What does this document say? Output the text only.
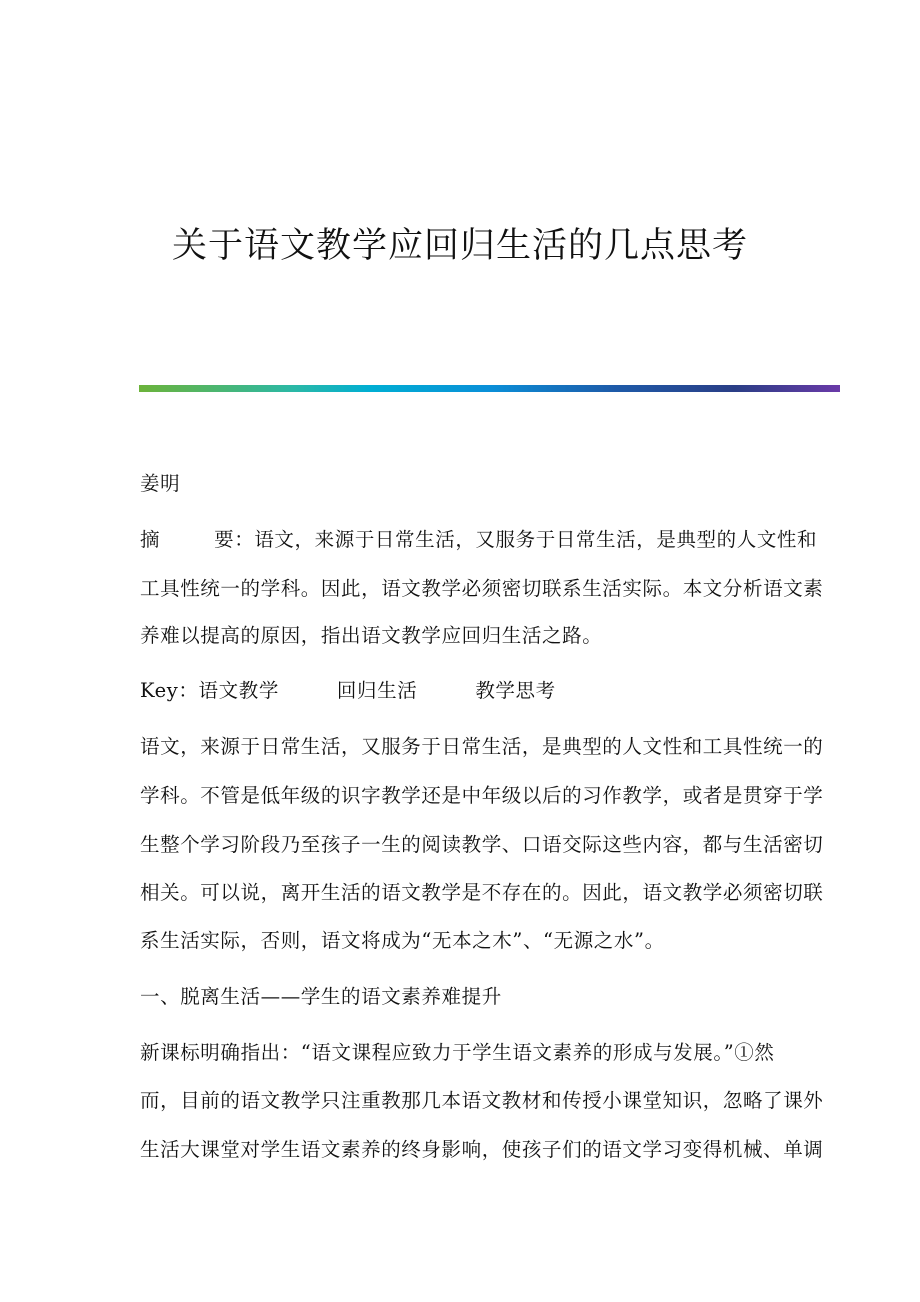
关于语文教学应回归生活的几点思考
姜明
摘	要：语文，来源于日常生活，又服务于日常生活，是典型的人文性和
工具性统一的学科。因此，语文教学必须密切联系生活实际。本文分析语文素
养难以提高的原因，指出语文教学应回归生活之路。
Key：语文教学	回归生活	教学思考
语文，来源于日常生活，又服务于日常生活，是典型的人文性和工具性统一的
学科。不管是低年级的识字教学还是中年级以后的习作教学，或者是贯穿于学
生整个学习阶段乃至孩子一生的阅读教学、口语交际这些内容，都与生活密切
相关。可以说，离开生活的语文教学是不存在的。因此，语文教学必须密切联
系生活实际，否则，语文将成为“无本之木”、“无源之水”。
一、脱离生活——学生的语文素养难提升
新课标明确指出：“语文课程应致力于学生语文素养的形成与发展。”①然
而，目前的语文教学只注重教那几本语文教材和传授小课堂知识，忽略了课外
生活大课堂对学生语文素养的终身影响，使孩子们的语文学习变得机械、单调
